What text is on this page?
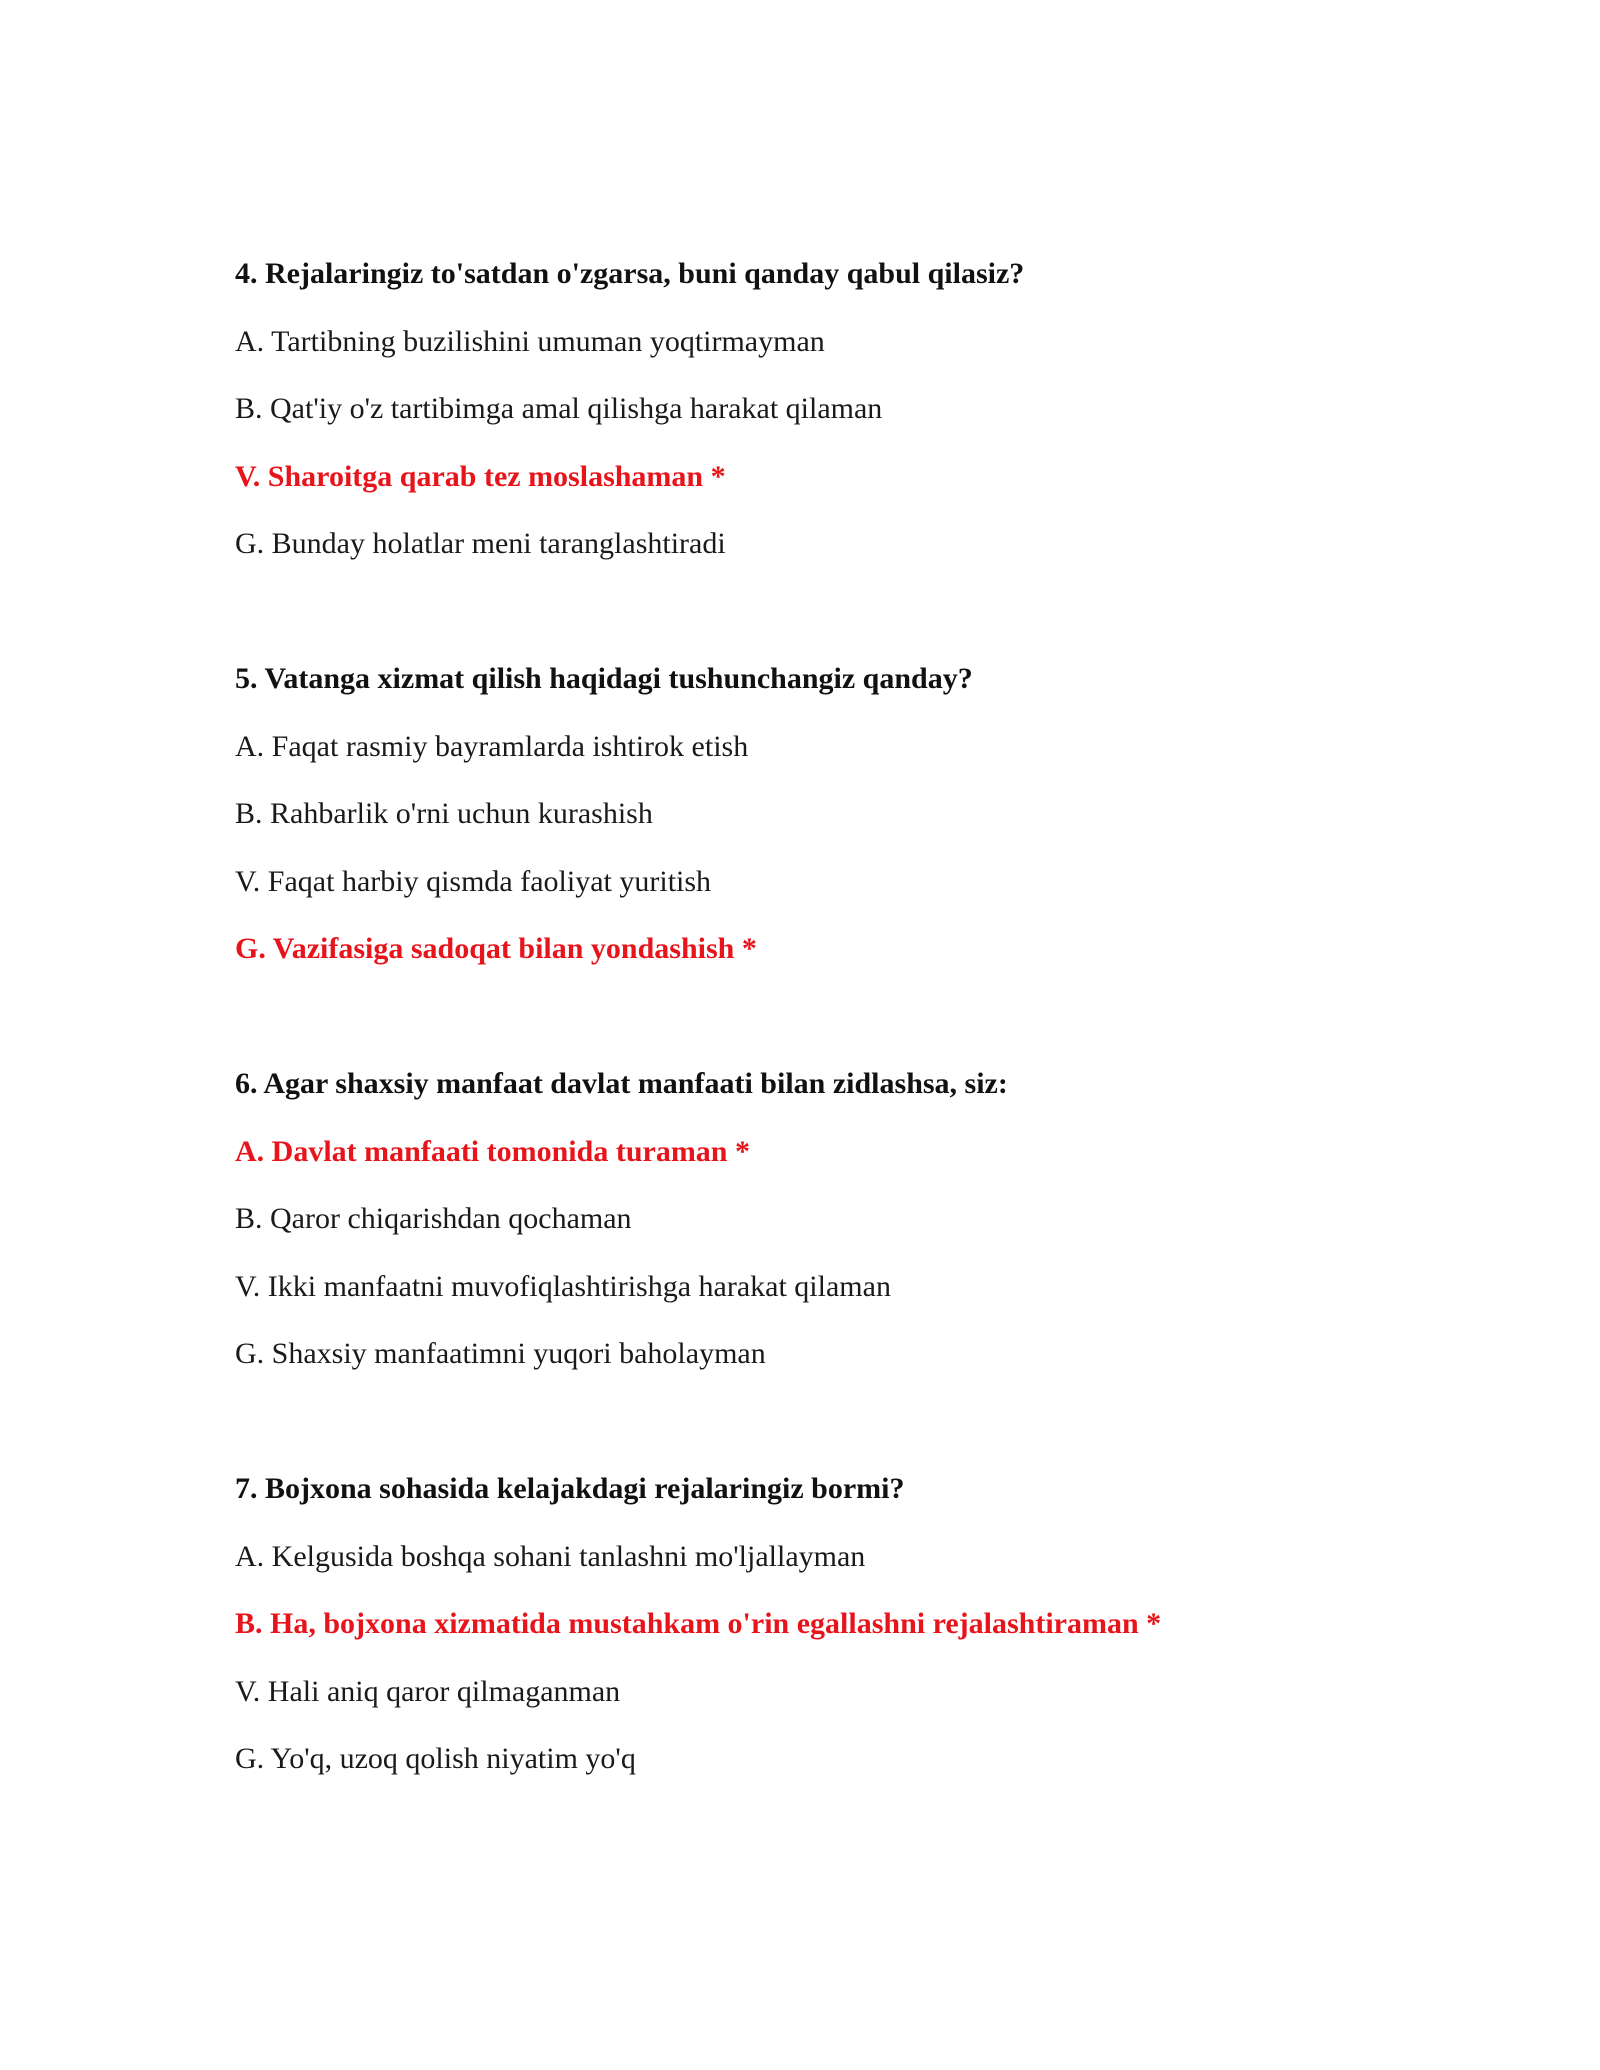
4. Rejalaringiz to'satdan o'zgarsa, buni qanday qabul qilasiz?
A. Tartibning buzilishini umuman yoqtirmayman
B. Qat'iy o'z tartibimga amal qilishga harakat qilaman
V. Sharoitga qarab tez moslashaman *
G. Bunday holatlar meni taranglashtiradi
5. Vatanga xizmat qilish haqidagi tushunchangiz qanday?
A. Faqat rasmiy bayramlarda ishtirok etish
B. Rahbarlik o'rni uchun kurashish
V. Faqat harbiy qismda faoliyat yuritish
G. Vazifasiga sadoqat bilan yondashish *
6. Agar shaxsiy manfaat davlat manfaati bilan zidlashsa, siz:
A. Davlat manfaati tomonida turaman *
B. Qaror chiqarishdan qochaman
V. Ikki manfaatni muvofiqlashtirishga harakat qilaman
G. Shaxsiy manfaatimni yuqori baholayman
7. Bojxona sohasida kelajakdagi rejalaringiz bormi?
A. Kelgusida boshqa sohani tanlashni mo'ljallayman
B. Ha, bojxona xizmatida mustahkam o'rin egallashni rejalashtiraman *
V. Hali aniq qaror qilmaganman
G. Yo'q, uzoq qolish niyatim yo'q
